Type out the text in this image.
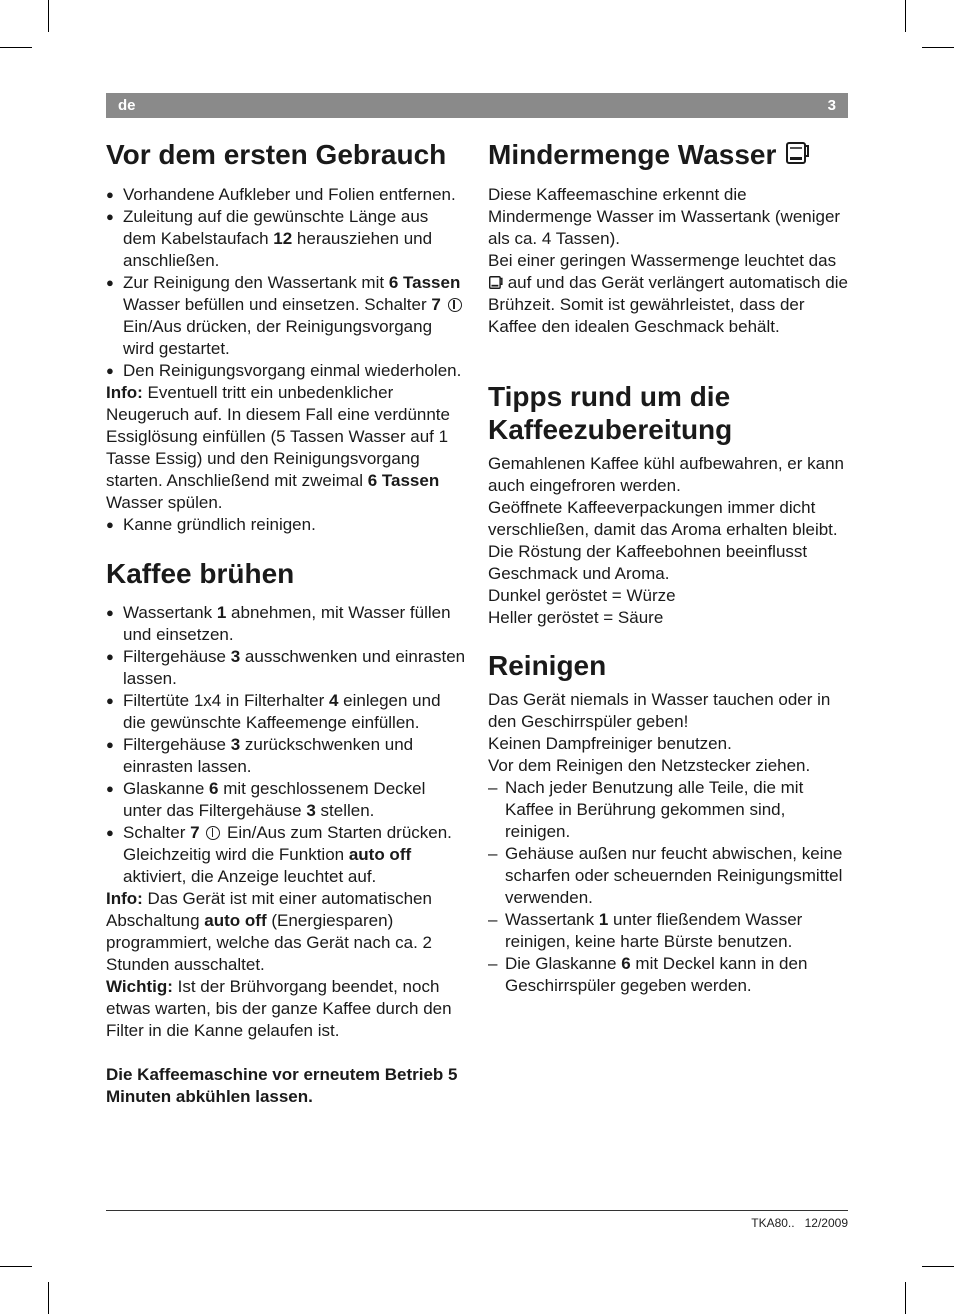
de	3
Vor dem ersten Gebrauch
● Vorhandene Aufkleber und Folien entfernen.
● Zuleitung auf die gewünschte Länge aus dem Kabelstaufach 12 herausziehen und anschließen.
● Zur Reinigung den Wassertank mit 6 Tassen Wasser befüllen und einsetzen. Schalter 7  Ein/Aus drücken, der Reinigungsvorgang wird gestartet.
● Den Reinigungsvorgang einmal wiederholen.

Info: Eventuell tritt ein unbedenklicher Neugeruch auf. In diesem Fall eine verdünnte Essiglösung einfüllen (5 Tassen Wasser auf 1 Tasse Essig) und den Reinigungsvorgang starten. Anschließend mit zweimal 6 Tassen Wasser spülen.

● Kanne gründlich reinigen.
Kaffee brühen
● Wassertank 1 abnehmen, mit Wasser füllen und einsetzen.
● Filtergehäuse 3 ausschwenken und einrasten lassen.
● Filtertüte 1x4 in Filterhalter 4 einlegen und die gewünschte Kaffeemenge einfüllen.
● Filtergehäuse 3 zurückschwenken und einrasten lassen.
● Glaskanne 6 mit geschlossenem Deckel unter das Filtergehäuse 3 stellen.
● Schalter 7  Ein/Aus zum Starten drücken. Gleichzeitig wird die Funktion auto off aktiviert, die Anzeige leuchtet auf.

Info: Das Gerät ist mit einer automatischen Abschaltung auto off (Energiesparen) programmiert, welche das Gerät nach ca. 2 Stunden ausschaltet.

Wichtig: Ist der Brühvorgang beendet, noch etwas warten, bis der ganze Kaffee durch den Filter in die Kanne gelaufen ist.

Die Kaffeemaschine vor erneutem Betrieb 5 Minuten abkühlen lassen.

Mindermenge Wasser

Diese Kaffeemaschine erkennt die Mindermenge Wasser im Wassertank (weniger als ca. 4 Tassen).

Bei einer geringen Wassermenge leuchtet das  auf und das Gerät verlängert automatisch die Brühzeit. Somit ist gewährleistet, dass der Kaffee den idealen Geschmack behält.

Tipps rund um die Kaffeezubereitung

Gemahlenen Kaffee kühl aufbewahren, er kann auch eingefroren werden.

Geöffnete Kaffeeverpackungen immer dicht verschließen, damit das Aroma erhalten bleibt.

Die Röstung der Kaffeebohnen beeinflusst Geschmack und Aroma.

Dunkel geröstet = Würze

Heller geröstet = Säure

Reinigen

Das Gerät niemals in Wasser tauchen oder in den Geschirrspüler geben!

Keinen Dampfreiniger benutzen.

Vor dem Reinigen den Netzstecker ziehen.

– Nach jeder Benutzung alle Teile, die mit Kaffee in Berührung gekommen sind, reinigen.
– Gehäuse außen nur feucht abwischen, keine scharfen oder scheuernden Reinigungsmittel verwenden.
– Wassertank 1 unter fließendem Wasser reinigen, keine harte Bürste benutzen.
– Die Glaskanne 6 mit Deckel kann in den Geschirrspüler gegeben werden.
TKA80.. 12/2009
